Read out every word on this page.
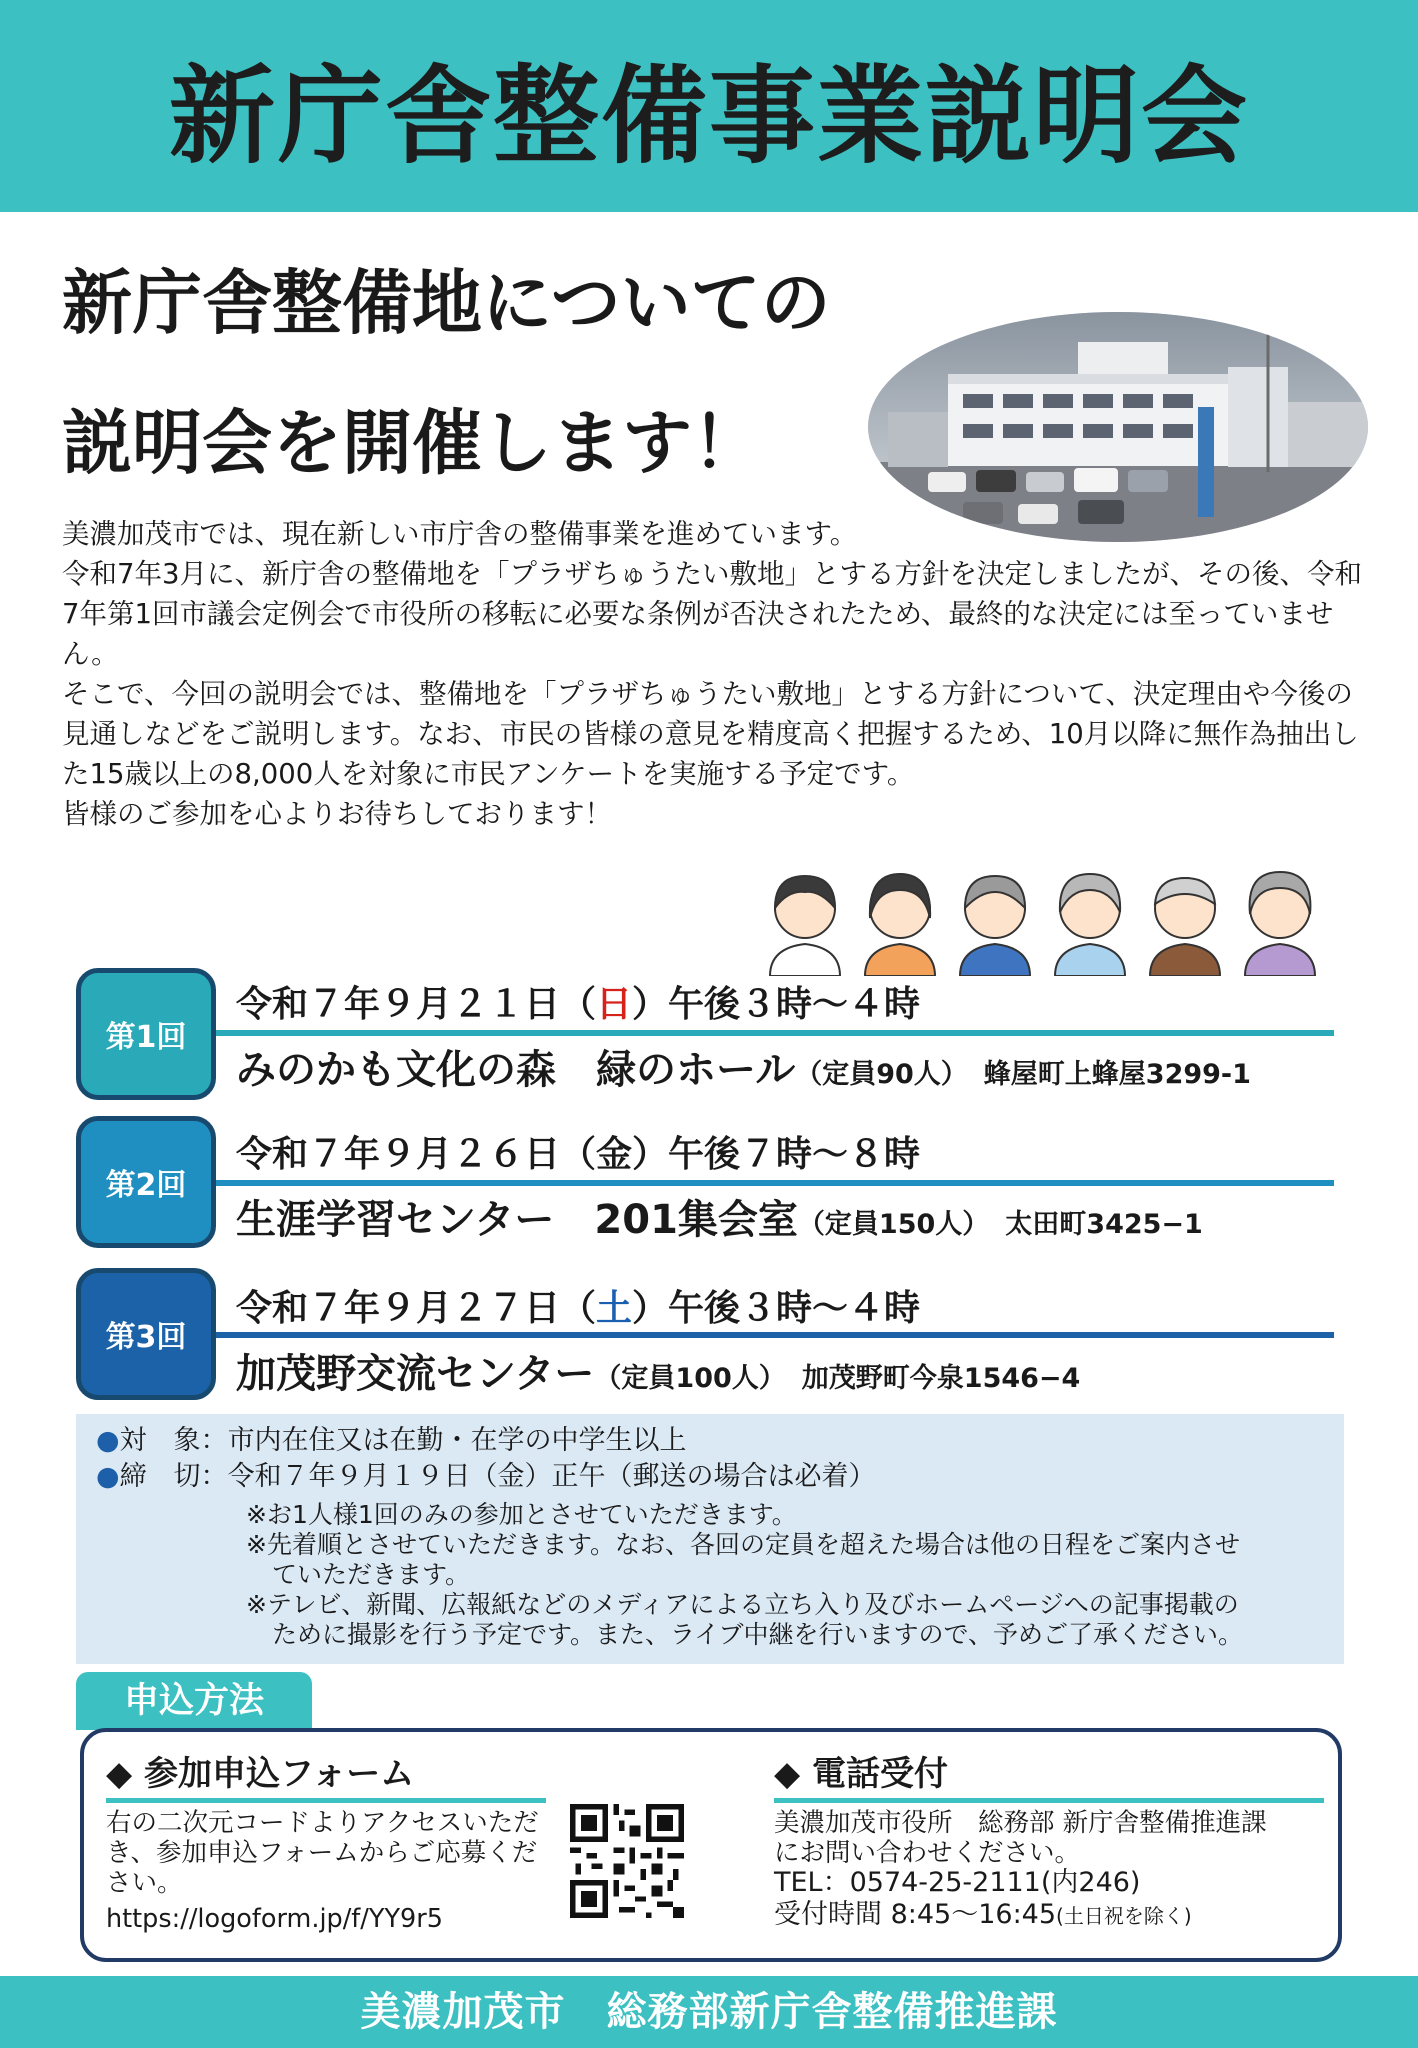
新庁舎整備事業説明会
新庁舎整備地についての
説明会を開催します！

美濃加茂市では、現在新しい市庁舎の整備事業を進めています。

令和7年3月に、新庁舎の整備地を「プラザちゅうたい敷地」とする方針を決定しましたが、その後、令和7年第1回市議会定例会で市役所の移転に必要な条例が否決されたため、最終的な決定には至っていません。

そこで、今回の説明会では、整備地を「プラザちゅうたい敷地」とする方針について、決定理由や今後の見通しなどをご説明します。なお、市民の皆様の意見を精度高く把握するため、10月以降に無作為抽出した15歳以上の8,000人を対象に市民アンケートを実施する予定です。

皆様のご参加を心よりお待ちしております！

第1回
令和７年９月２１日（日）午後３時～４時
みのかも文化の森　緑のホール（定員90人） 蜂屋町上蜂屋3299-1
第2回
令和７年９月２６日（金）午後７時～８時
生涯学習センター　201集会室（定員150人） 太田町3425−1
第3回
令和７年９月２７日（土）午後３時～４時
加茂野交流センター（定員100人） 加茂野町今泉1546−4
●対　象：市内在住又は在勤・在学の中学生以上
●締　切：令和７年９月１９日（金）正午（郵送の場合は必着）
※お1人様1回のみの参加とさせていただきます。
※先着順とさせていただきます。なお、各回の定員を超えた場合は他の日程をご案内させ
ていただきます。
※テレビ、新聞、広報紙などのメディアによる立ち入り及びホームページへの記事掲載の
ために撮影を行う予定です。また、ライブ中継を行いますので、予めご了承ください。
申込方法
◆ 参加申込フォーム
右の二次元コードよりアクセスいただき、参加申込フォームからご応募ください。
https://logoform.jp/f/YY9r5
◆ 電話受付
美濃加茂市役所　総務部 新庁舎整備推進課
にお問い合わせください。
TEL：0574-25-2111(内246)
受付時間 8:45～16:45(土日祝を除く)
美濃加茂市　総務部新庁舎整備推進課
